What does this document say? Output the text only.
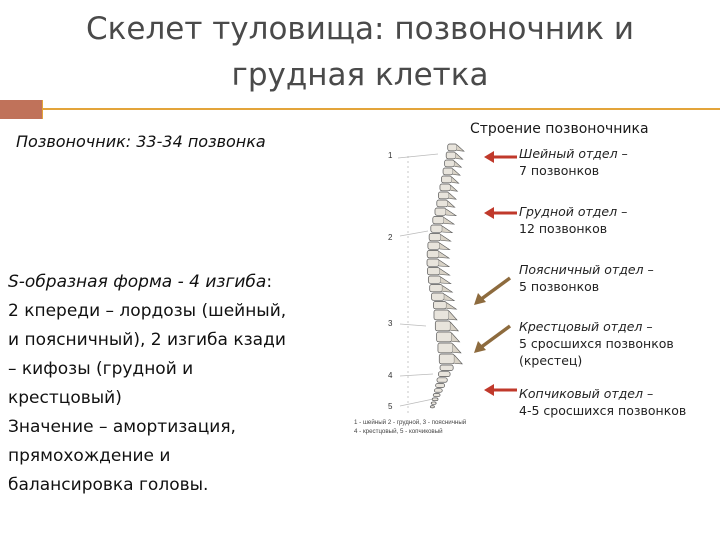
Скелет туловища: позвоночник и
грудная клетка
Позвоночник: 33-34 позвонка
S-образная форма - 4 изгиба:
2 кпереди – лордозы (шейный,
и поясничный), 2 изгиба кзади
– кифозы (грудной и
крестцовый)
Значение – амортизация,
прямохождение и
балансировка головы.
Строение позвоночника
1
2
3
4
5
1 - шейный 2 - грудной, 3 - поясничный
4 - крестцовый, 5 - копчиковый
Шейный отдел –
7 позвонков
Грудной отдел –
12 позвонков
Поясничный отдел –
5 позвонков
Крестцовый отдел –
5 сросшихся позвонков
(крестец)
Копчиковый отдел –
4-5 сросшихся позвонков
